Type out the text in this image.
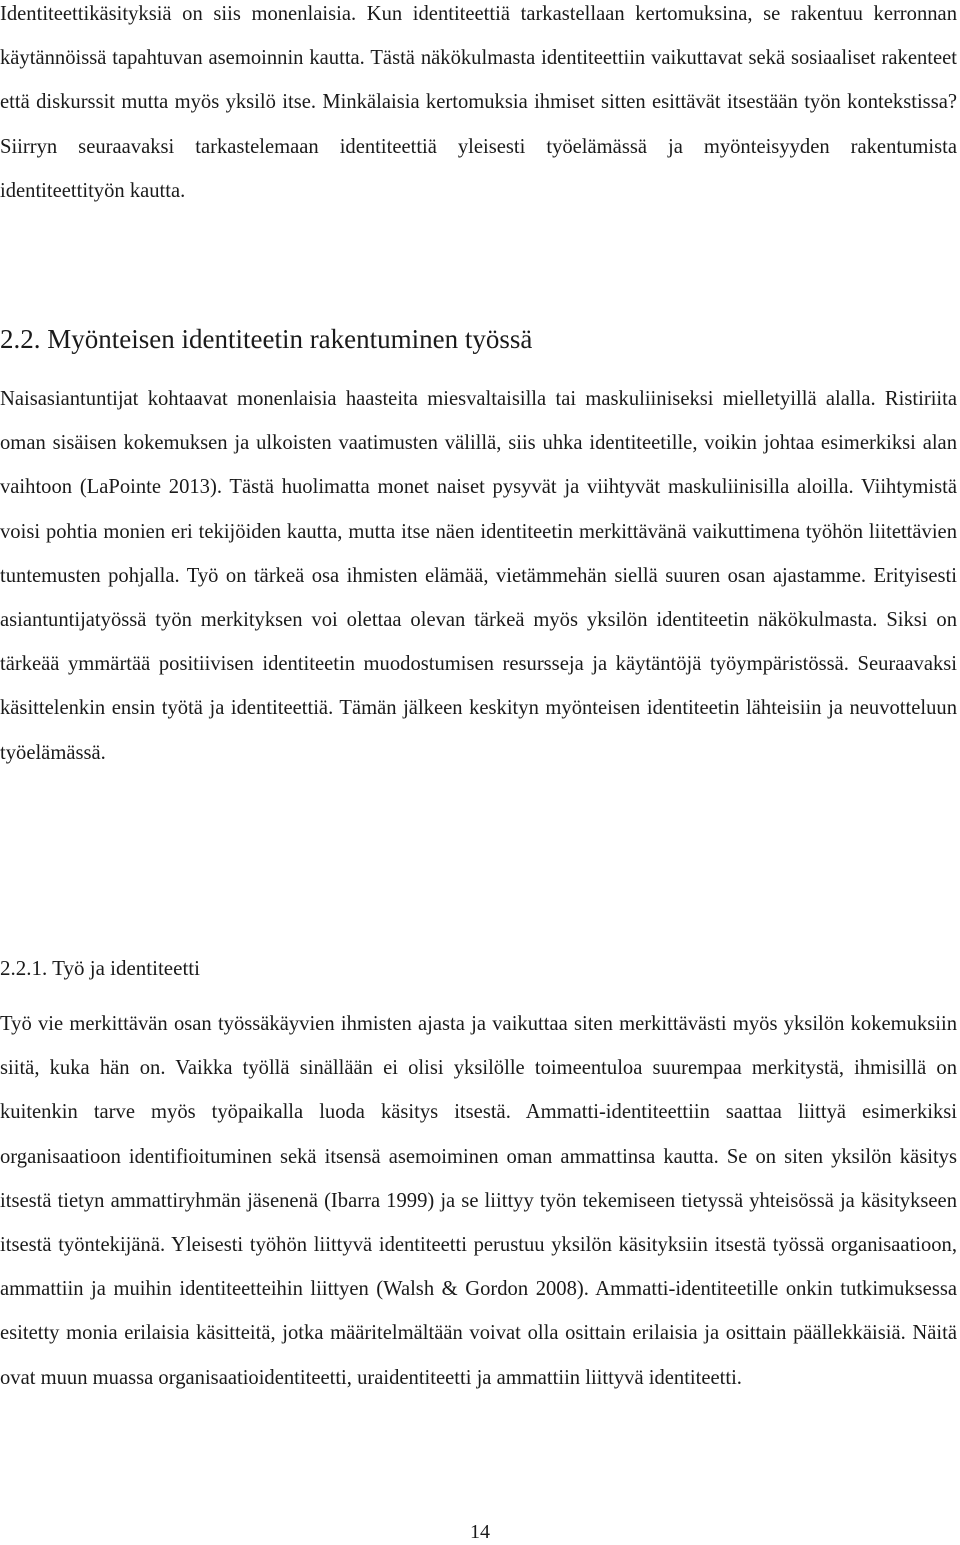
Identiteettikäsityksiä on siis monenlaisia. Kun identiteettiä tarkastellaan kertomuksina, se rakentuu kerronnan käytännöissä tapahtuvan asemoinnin kautta. Tästä näkökulmasta identiteettiin vaikuttavat sekä sosiaaliset rakenteet että diskurssit mutta myös yksilö itse. Minkälaisia kertomuksia ihmiset sitten esittävät itsestään työn kontekstissa? Siirryn seuraavaksi tarkastelemaan identiteettiä yleisesti työelämässä ja myönteisyyden rakentumista identiteettityön kautta.

2.2. Myönteisen identiteetin rakentuminen työssä

Naisasiantuntijat kohtaavat monenlaisia haasteita miesvaltaisilla tai maskuliiniseksi mielletyillä alalla. Ristiriita oman sisäisen kokemuksen ja ulkoisten vaatimusten välillä, siis uhka identiteetille, voikin johtaa esimerkiksi alan vaihtoon (LaPointe 2013). Tästä huolimatta monet naiset pysyvät ja viihtyvät maskuliinisilla aloilla. Viihtymistä voisi pohtia monien eri tekijöiden kautta, mutta itse näen identiteetin merkittävänä vaikuttimena työhön liitettävien tuntemusten pohjalla. Työ on tärkeä osa ihmisten elämää, vietämmehän siellä suuren osan ajastamme. Erityisesti asiantuntijatyössä työn merkityksen voi olettaa olevan tärkeä myös yksilön identiteetin näkökulmasta. Siksi on tärkeää ymmärtää positiivisen identiteetin muodostumisen resursseja ja käytäntöjä työympäristössä. Seuraavaksi käsittelenkin ensin työtä ja identiteettiä. Tämän jälkeen keskityn myönteisen identiteetin lähteisiin ja neuvotteluun työelämässä.

2.2.1. Työ ja identiteetti

Työ vie merkittävän osan työssäkäyvien ihmisten ajasta ja vaikuttaa siten merkittävästi myös yksilön kokemuksiin siitä, kuka hän on. Vaikka työllä sinällään ei olisi yksilölle toimeentuloa suurempaa merkitystä, ihmisillä on kuitenkin tarve myös työpaikalla luoda käsitys itsestä. Ammatti-identiteettiin saattaa liittyä esimerkiksi organisaatioon identifioituminen sekä itsensä asemoiminen oman ammattinsa kautta. Se on siten yksilön käsitys itsestä tietyn ammattiryhmän jäsenenä (Ibarra 1999) ja se liittyy työn tekemiseen tietyssä yhteisössä ja käsitykseen itsestä työntekijänä. Yleisesti työhön liittyvä identiteetti perustuu yksilön käsityksiin itsestä työssä organisaatioon, ammattiin ja muihin identiteetteihin liittyen (Walsh & Gordon 2008). Ammatti-identiteetille onkin tutkimuksessa esitetty monia erilaisia käsitteitä, jotka määritelmältään voivat olla osittain erilaisia ja osittain päällekkäisiä. Näitä ovat muun muassa organisaatioidentiteetti, uraidentiteetti ja ammattiin liittyvä identiteetti.

14
